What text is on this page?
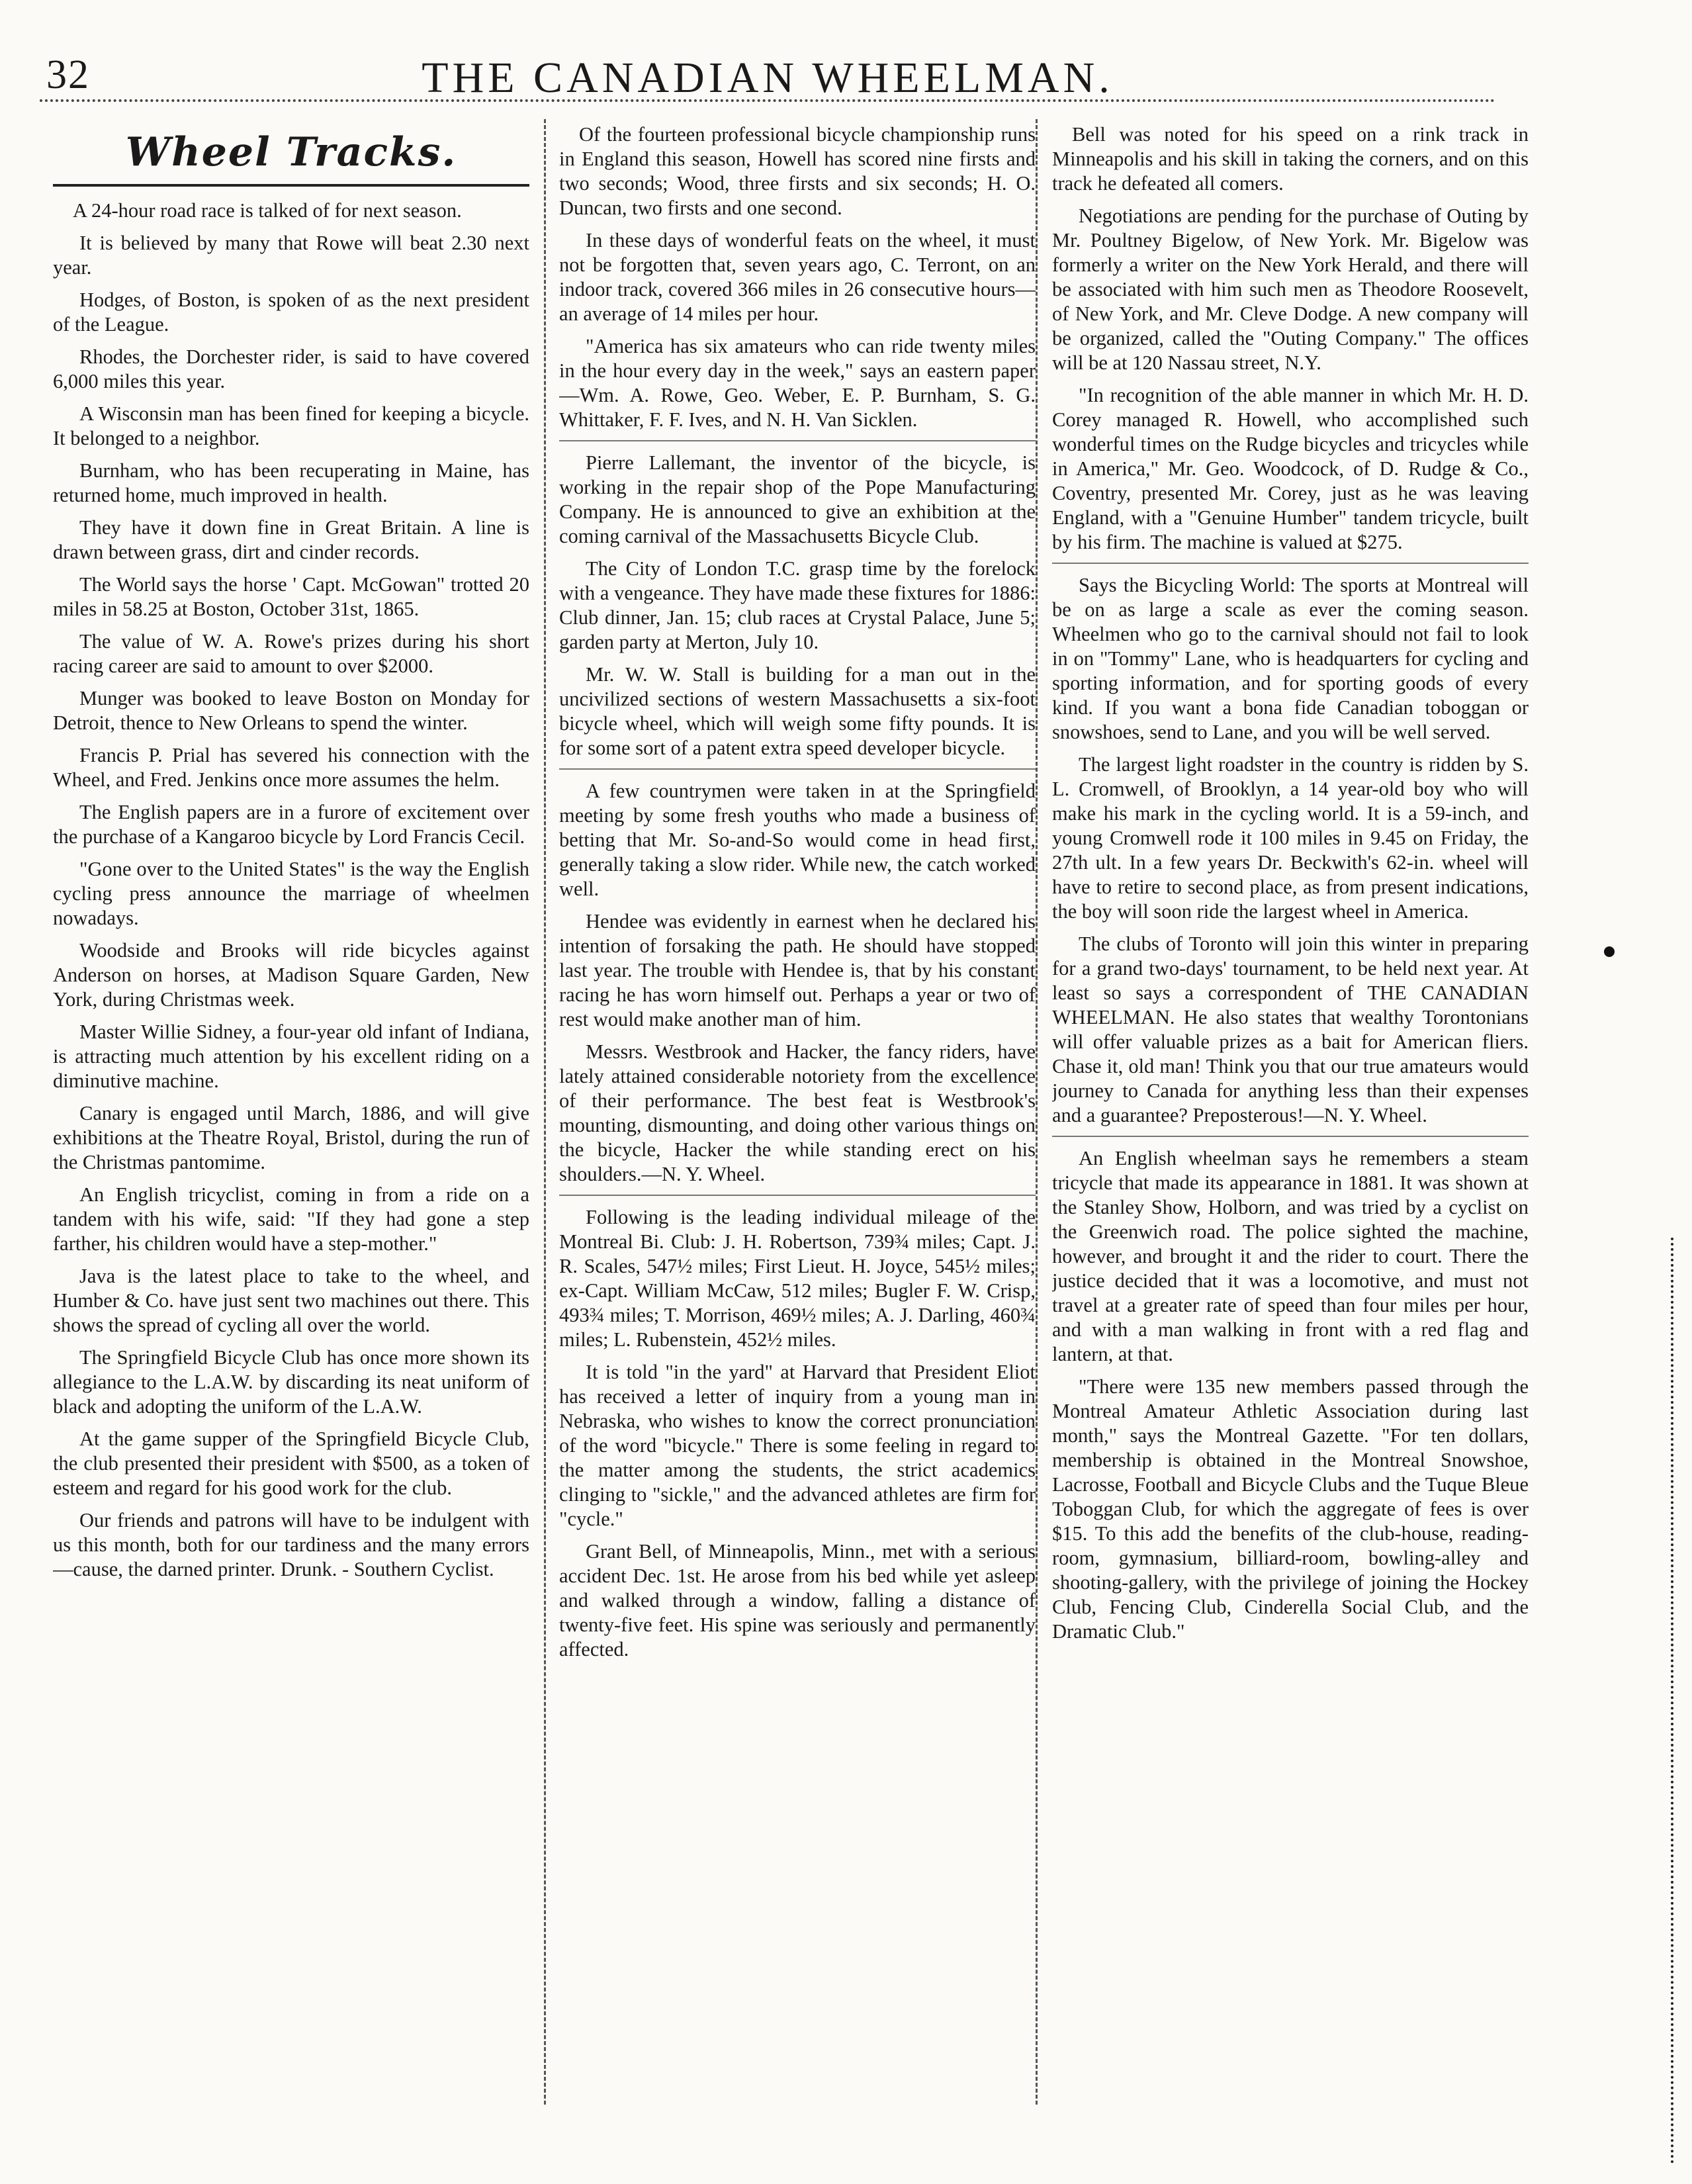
32	THE CANADIAN WHEELMAN.
Wheel Tracks.

A 24-hour road race is talked of for next season.

It is believed by many that Rowe will beat 2.30 next year.

Hodges, of Boston, is spoken of as the next president of the League.

Rhodes, the Dorchester rider, is said to have covered 6,000 miles this year.

A Wisconsin man has been fined for keeping a bicycle. It belonged to a neighbor.

Burnham, who has been recuperating in Maine, has returned home, much improved in health.

They have it down fine in Great Britain. A line is drawn between grass, dirt and cinder records.

The World says the horse ' Capt. McGowan" trotted 20 miles in 58.25 at Boston, October 31st, 1865.

The value of W. A. Rowe's prizes during his short racing career are said to amount to over $2000.

Munger was booked to leave Boston on Monday for Detroit, thence to New Orleans to spend the winter.

Francis P. Prial has severed his connection with the Wheel, and Fred. Jenkins once more assumes the helm.

The English papers are in a furore of excitement over the purchase of a Kangaroo bicycle by Lord Francis Cecil.

"Gone over to the United States" is the way the English cycling press announce the marriage of wheelmen nowadays.

Woodside and Brooks will ride bicycles against Anderson on horses, at Madison Square Garden, New York, during Christmas week.

Master Willie Sidney, a four-year old infant of Indiana, is attracting much attention by his excellent riding on a diminutive machine.

Canary is engaged until March, 1886, and will give exhibitions at the Theatre Royal, Bristol, during the run of the Christmas pantomime.

An English tricyclist, coming in from a ride on a tandem with his wife, said: "If they had gone a step farther, his children would have a step-mother."

Java is the latest place to take to the wheel, and Humber & Co. have just sent two machines out there. This shows the spread of cycling all over the world.

The Springfield Bicycle Club has once more shown its allegiance to the L.A.W. by discarding its neat uniform of black and adopting the uniform of the L.A.W.

At the game supper of the Springfield Bicycle Club, the club presented their president with $500, as a token of esteem and regard for his good work for the club.

Our friends and patrons will have to be indulgent with us this month, both for our tardiness and the many errors—cause, the darned printer. Drunk. - Southern Cyclist.

Of the fourteen professional bicycle championship runs in England this season, Howell has scored nine firsts and two seconds; Wood, three firsts and six seconds; H. O. Duncan, two firsts and one second.

In these days of wonderful feats on the wheel, it must not be forgotten that, seven years ago, C. Terront, on an indoor track, covered 366 miles in 26 consecutive hours—an average of 14 miles per hour.

"America has six amateurs who can ride twenty miles in the hour every day in the week," says an eastern paper—Wm. A. Rowe, Geo. Weber, E. P. Burnham, S. G. Whittaker, F. F. Ives, and N. H. Van Sicklen.

Pierre Lallemant, the inventor of the bicycle, is working in the repair shop of the Pope Manufacturing Company. He is announced to give an exhibition at the coming carnival of the Massachusetts Bicycle Club.

The City of London T.C. grasp time by the forelock with a vengeance. They have made these fixtures for 1886: Club dinner, Jan. 15; club races at Crystal Palace, June 5; garden party at Merton, July 10.

Mr. W. W. Stall is building for a man out in the uncivilized sections of western Massachusetts a six-foot bicycle wheel, which will weigh some fifty pounds. It is for some sort of a patent extra speed developer bicycle.

A few countrymen were taken in at the Springfield meeting by some fresh youths who made a business of betting that Mr. So-and-So would come in head first, generally taking a slow rider. While new, the catch worked well.

Hendee was evidently in earnest when he declared his intention of forsaking the path. He should have stopped last year. The trouble with Hendee is, that by his constant racing he has worn himself out. Perhaps a year or two of rest would make another man of him.

Messrs. Westbrook and Hacker, the fancy riders, have lately attained considerable notoriety from the excellence of their performance. The best feat is Westbrook's mounting, dismounting, and doing other various things on the bicycle, Hacker the while standing erect on his shoulders.—N. Y. Wheel.

Following is the leading individual mileage of the Montreal Bi. Club: J. H. Robertson, 739¾ miles; Capt. J. R. Scales, 547½ miles; First Lieut. H. Joyce, 545½ miles; ex-Capt. William McCaw, 512 miles; Bugler F. W. Crisp, 493¾ miles; T. Morrison, 469½ miles; A. J. Darling, 460¾ miles; L. Rubenstein, 452½ miles.

It is told "in the yard" at Harvard that President Eliot has received a letter of inquiry from a young man in Nebraska, who wishes to know the correct pronunciation of the word "bicycle." There is some feeling in regard to the matter among the students, the strict academics clinging to "sickle," and the advanced athletes are firm for "cycle."

Grant Bell, of Minneapolis, Minn., met with a serious accident Dec. 1st. He arose from his bed while yet asleep and walked through a window, falling a distance of twenty-five feet. His spine was seriously and permanently affected.

Bell was noted for his speed on a rink track in Minneapolis and his skill in taking the corners, and on this track he defeated all comers.

Negotiations are pending for the purchase of Outing by Mr. Poultney Bigelow, of New York. Mr. Bigelow was formerly a writer on the New York Herald, and there will be associated with him such men as Theodore Roosevelt, of New York, and Mr. Cleve Dodge. A new company will be organized, called the "Outing Company." The offices will be at 120 Nassau street, N.Y.

"In recognition of the able manner in which Mr. H. D. Corey managed R. Howell, who accomplished such wonderful times on the Rudge bicycles and tricycles while in America," Mr. Geo. Woodcock, of D. Rudge & Co., Coventry, presented Mr. Corey, just as he was leaving England, with a "Genuine Humber" tandem tricycle, built by his firm. The machine is valued at $275.

Says the Bicycling World: The sports at Montreal will be on as large a scale as ever the coming season. Wheelmen who go to the carnival should not fail to look in on "Tommy" Lane, who is headquarters for cycling and sporting information, and for sporting goods of every kind. If you want a bona fide Canadian toboggan or snowshoes, send to Lane, and you will be well served.

The largest light roadster in the country is ridden by S. L. Cromwell, of Brooklyn, a 14 year-old boy who will make his mark in the cycling world. It is a 59-inch, and young Cromwell rode it 100 miles in 9.45 on Friday, the 27th ult. In a few years Dr. Beckwith's 62-in. wheel will have to retire to second place, as from present indications, the boy will soon ride the largest wheel in America.

The clubs of Toronto will join this winter in preparing for a grand two-days' tournament, to be held next year. At least so says a correspondent of THE CANADIAN WHEELMAN. He also states that wealthy Torontonians will offer valuable prizes as a bait for American fliers. Chase it, old man! Think you that our true amateurs would journey to Canada for anything less than their expenses and a guarantee? Preposterous!—N. Y. Wheel.

An English wheelman says he remembers a steam tricycle that made its appearance in 1881. It was shown at the Stanley Show, Holborn, and was tried by a cyclist on the Greenwich road. The police sighted the machine, however, and brought it and the rider to court. There the justice decided that it was a locomotive, and must not travel at a greater rate of speed than four miles per hour, and with a man walking in front with a red flag and lantern, at that.

"There were 135 new members passed through the Montreal Amateur Athletic Association during last month," says the Montreal Gazette. "For ten dollars, membership is obtained in the Montreal Snowshoe, Lacrosse, Football and Bicycle Clubs and the Tuque Bleue Toboggan Club, for which the aggregate of fees is over $15. To this add the benefits of the club-house, reading-room, gymnasium, billiard-room, bowling-alley and shooting-gallery, with the privilege of joining the Hockey Club, Fencing Club, Cinderella Social Club, and the Dramatic Club."
